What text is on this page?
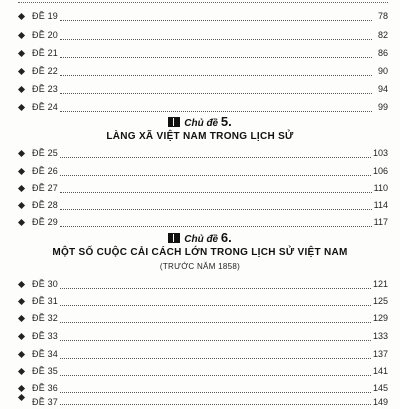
ĐỀ 19	78
ĐỀ 20	82
ĐỀ 21	86
ĐỀ 22	90
ĐỀ 23	94
ĐỀ 24	99
Chủ đề 5.
LÀNG XÃ VIỆT NAM TRONG LỊCH SỬ
ĐỀ 25	103
ĐỀ 26	106
ĐỀ 27	110
ĐỀ 28	114
ĐỀ 29	117
Chủ đề 6.
MỘT SỐ CUỘC CẢI CÁCH LỚN TRONG LỊCH SỬ VIỆT NAM
(TRƯỚC NĂM 1858)
ĐỀ 30	121
ĐỀ 31	125
ĐỀ 32	129
ĐỀ 33	133
ĐỀ 34	137
ĐỀ 35	141
ĐỀ 36	145
ĐỀ 37	149
